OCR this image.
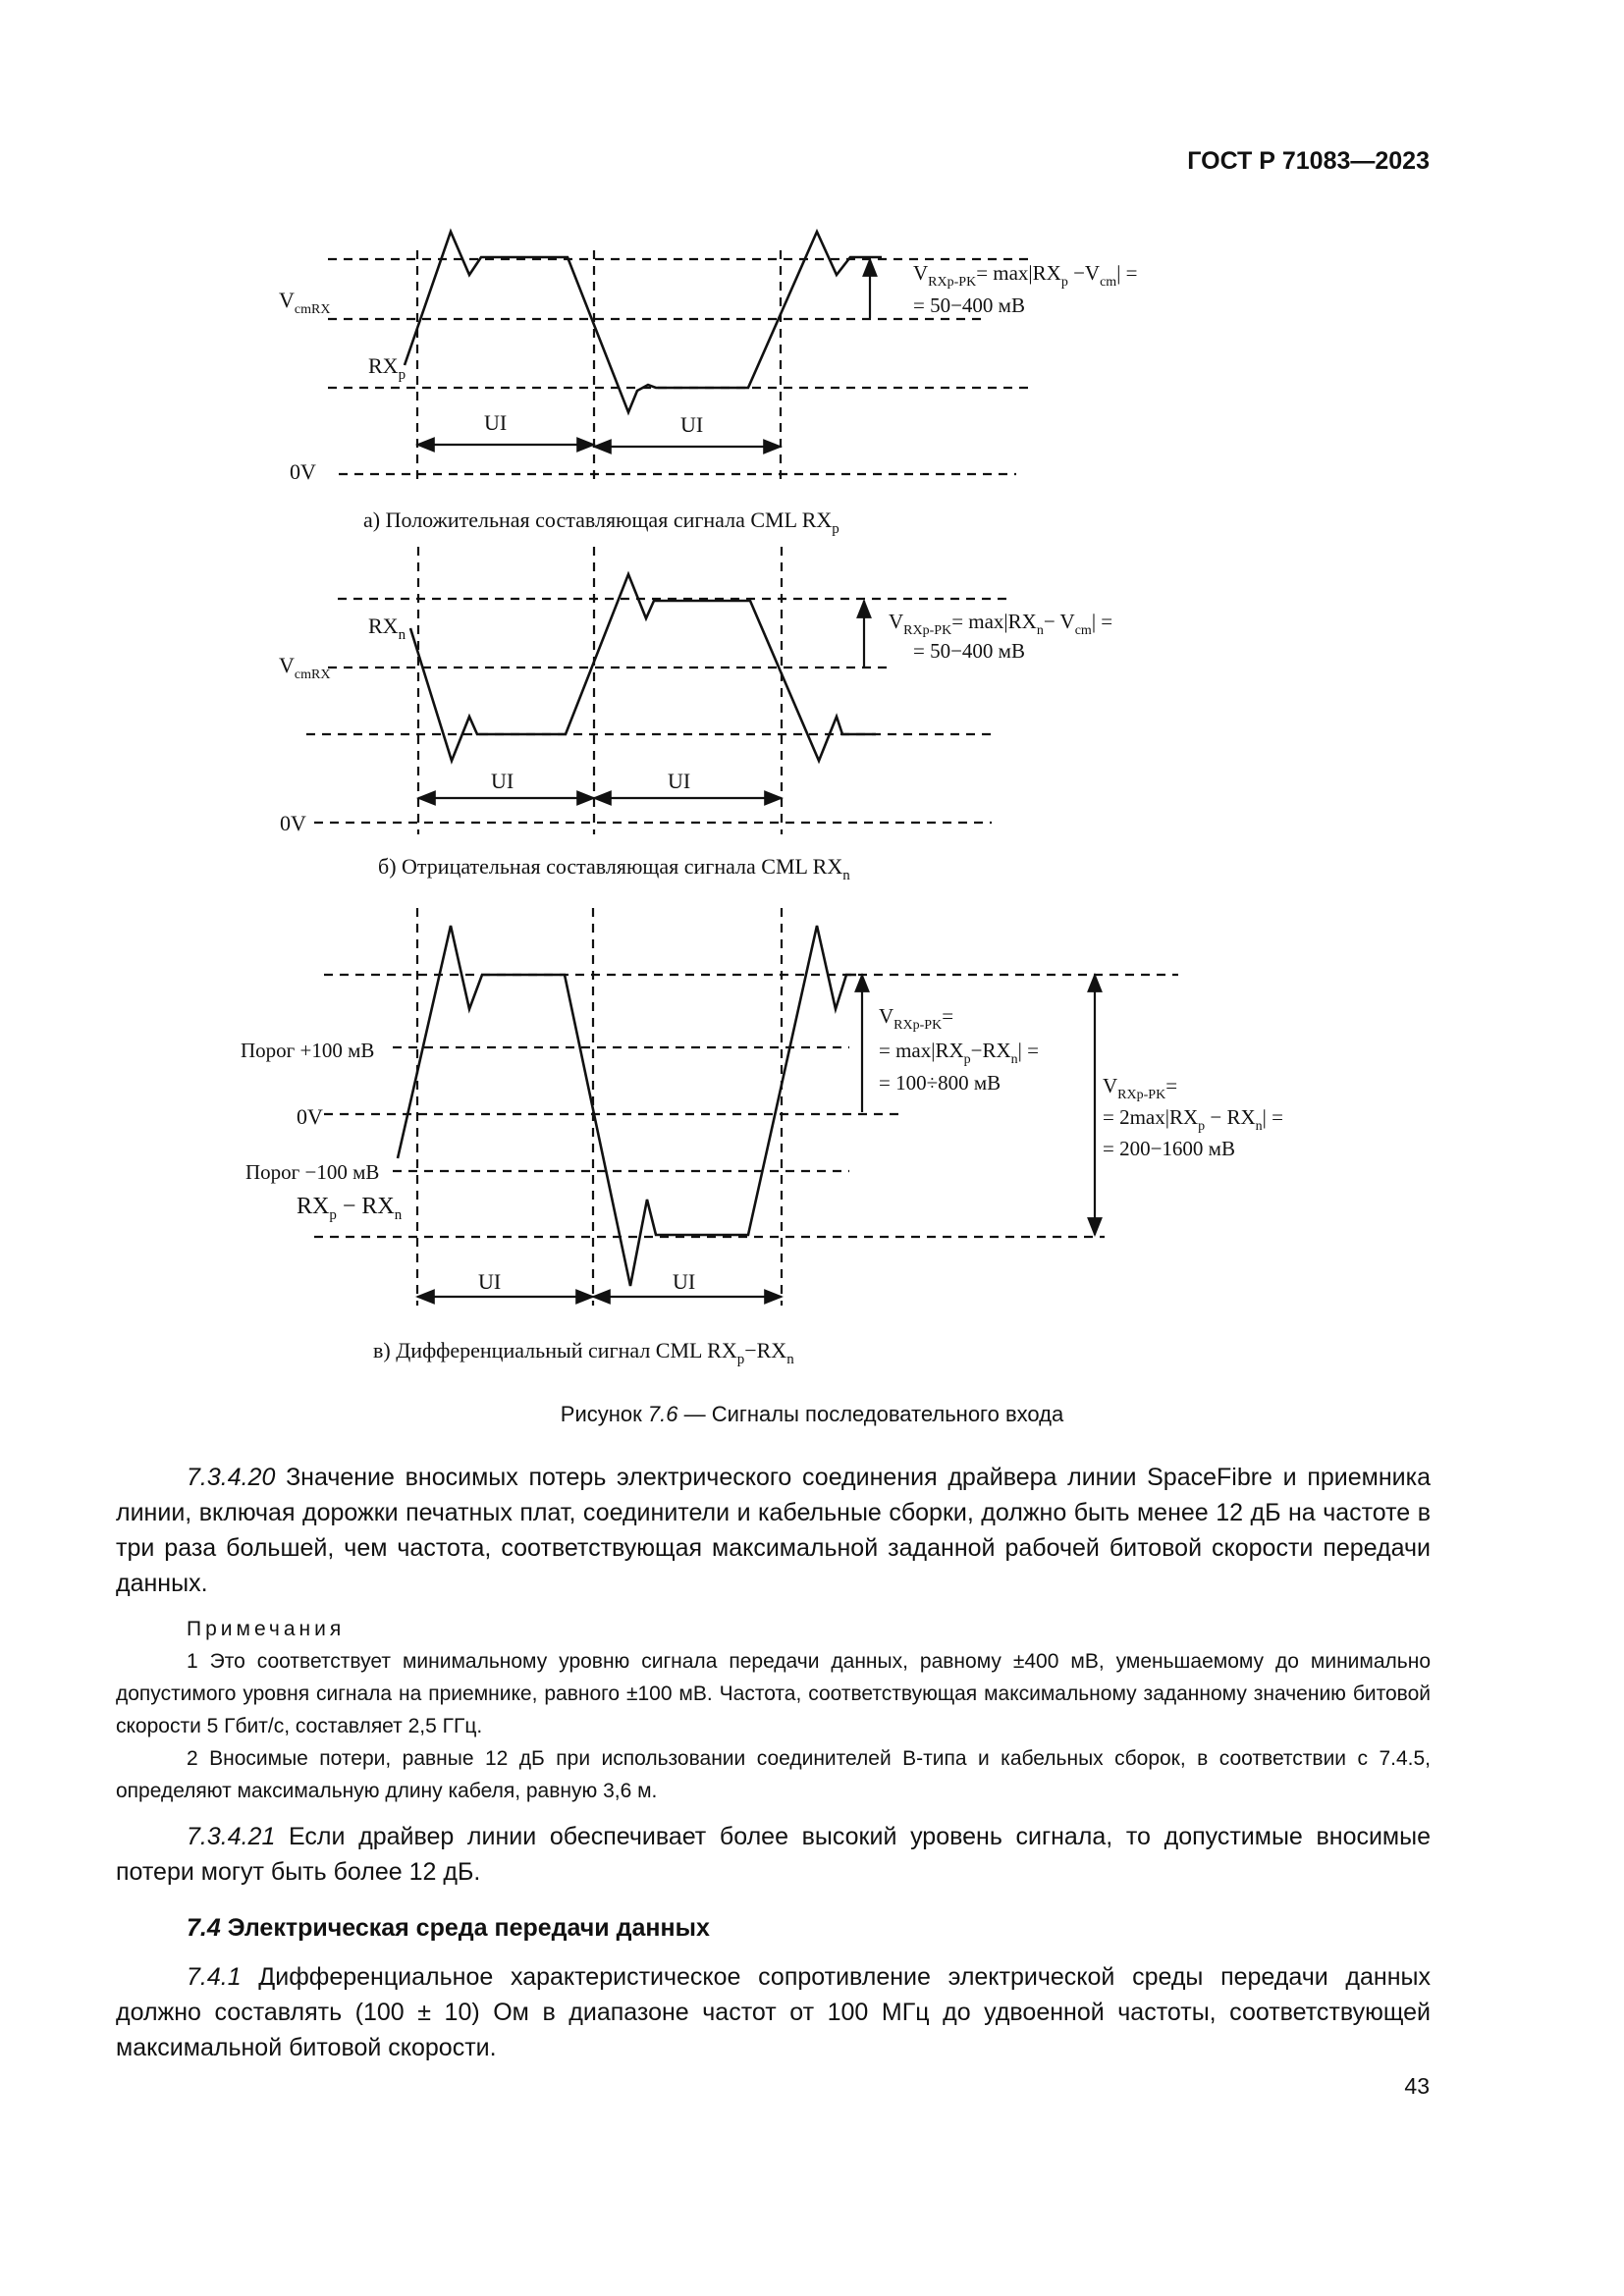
ГОСТ Р 71083—2023
$V_{cmRX}$
$RX_p$
0V
UI	UI
$V_{RXp-PK}= \max|RX_p -V_{cm}|$ =
= 50−400 мВ
а) Положительная составляющая сигнала CML $RX_p$
$RX_n$
$V_{cmRX}$
0V
UI	UI
$V_{RXp-PK}= \max|RX_n- V_{cm}|$ =
= 50−400 мВ
б) Отрицательная составляющая сигнала CML $RX_n$
Порог +100 мВ
0V
Порог −100 мВ
$RX_p - RX_n$
UI	UI
$V_{RXp-PK}=$
= $\max|RX_p-RX_n|$ =
= 100÷800 мВ	$V_{RXp-PK}=$
= $2\max|RX_p - RX_n|$ =
= 200−1600 мВ
в) Дифференциальный сигнал CML $RX_p-RX_n$
Рисунок 7.6 — Сигналы последовательного входа

7.3.4.20 Значение вносимых потерь электрического соединения драйвера линии SpaceFibre и приемника линии, включая дорожки печатных плат, соединители и кабельные сборки, должно быть менее 12 дБ на частоте в три раза большей, чем частота, соответствующая максимальной заданной рабочей битовой скорости передачи данных.

Примечания

1 Это соответствует минимальному уровню сигнала передачи данных, равному ±400 мВ, уменьшаемому до минимально допустимого уровня сигнала на приемнике, равного ±100 мВ. Частота, соответствующая максимальному заданному значению битовой скорости 5 Гбит/с, составляет 2,5 ГГц.

2 Вносимые потери, равные 12 дБ при использовании соединителей В-типа и кабельных сборок, в соответствии с 7.4.5, определяют максимальную длину кабеля, равную 3,6 м.

7.3.4.21 Если драйвер линии обеспечивает более высокий уровень сигнала, то допустимые вносимые потери могут быть более 12 дБ.

7.4 Электрическая среда передачи данных

7.4.1 Дифференциальное характеристическое сопротивление электрической среды передачи данных должно составлять (100 ± 10) Ом в диапазоне частот от 100 МГц до удвоенной частоты, соответствующей максимальной битовой скорости.

43
